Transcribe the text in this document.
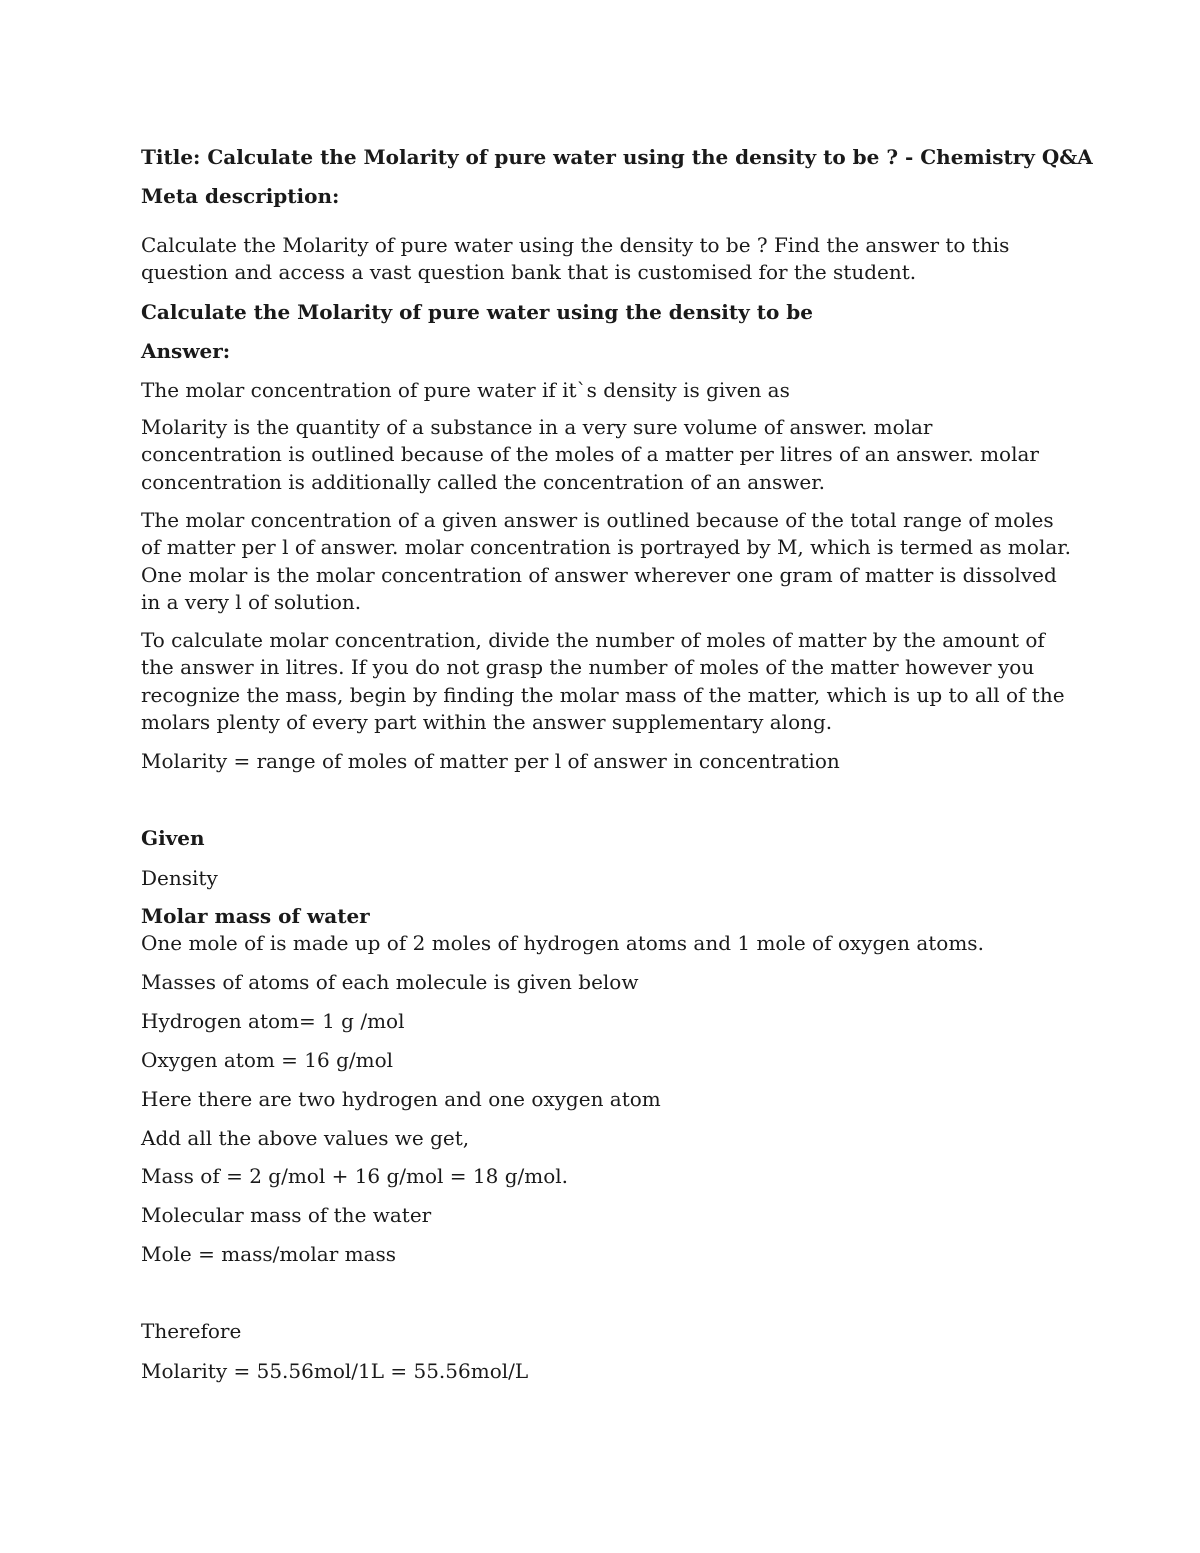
Title: Calculate the Molarity of pure water using the density to be ? - Chemistry Q&A
Meta description:
Calculate the Molarity of pure water using the density to be ? Find the answer to this question and access a vast question bank that is customised for the student.
Calculate the Molarity of pure water using the density to be
Answer:
The molar concentration of pure water if it`s density is given as
Molarity is the quantity of a substance in a very sure volume of answer. molar concentration is outlined because of the moles of a matter per litres of an answer. molar concentration is additionally called the concentration of an answer.
The molar concentration of a given answer is outlined because of the total range of moles of matter per l of answer. molar concentration is portrayed by M, which is termed as molar. One molar is the molar concentration of answer wherever one gram of matter is dissolved in a very l of solution.
To calculate molar concentration, divide the number of moles of matter by the amount of the answer in litres. If you do not grasp the number of moles of the matter however you recognize the mass, begin by finding the molar mass of the matter, which is up to all of the molars plenty of every part within the answer supplementary along.
Molarity = range of moles of matter per l of answer in concentration
Given
Density
Molar mass of water
One mole of is made up of 2 moles of hydrogen atoms and 1 mole of oxygen atoms.
Masses of atoms of each molecule is given below
Hydrogen atom= 1 g /mol
Oxygen atom = 16 g/mol
Here there are two hydrogen and one oxygen atom
Add all the above values we get,
Mass of = 2 g/mol + 16 g/mol = 18 g/mol.
Molecular mass of the water
Mole = mass/molar mass
Therefore
Molarity = 55.56mol/1L = 55.56mol/L
